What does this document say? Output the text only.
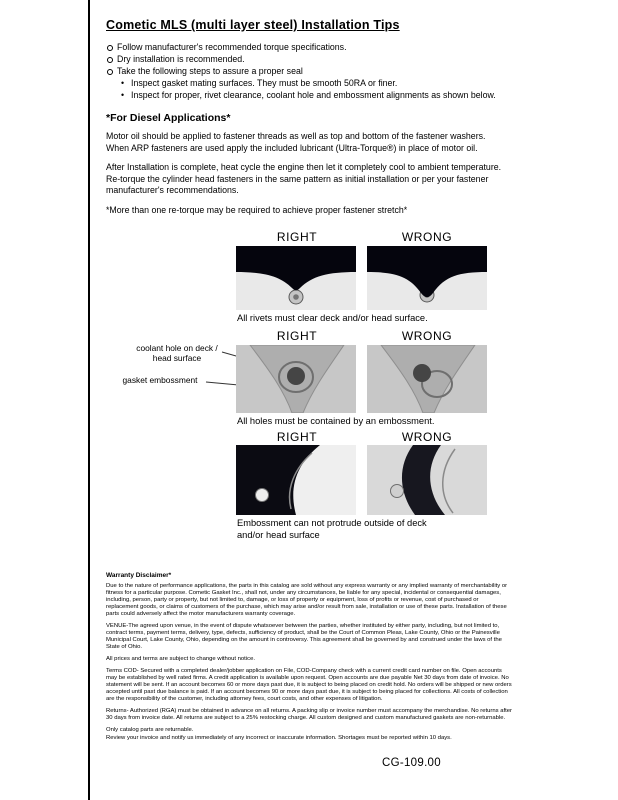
Cometic MLS (multi layer steel) Installation Tips
Follow manufacturer's recommended torque specifications.
Dry installation is recommended.
Take the following steps to assure a proper seal
• Inspect gasket mating surfaces. They must be smooth 50RA or finer.
• Inspect for proper, rivet clearance, coolant hole and embossment alignments as shown below.
*For Diesel Applications*
Motor oil should be applied to fastener threads as well as top and bottom of the fastener washers. When ARP fasteners are used apply the included lubricant (Ultra-Torque®) in place of motor oil.
After Installation is complete, heat cycle the engine then let it completely cool to ambient temperature. Re-torque the cylinder head fasteners in the same pattern as initial installation or per your fastener manufacturer's recommendations.
*More than one re-torque may be required to achieve proper fastener stretch*
RIGHT	WRONG
All rivets must clear deck and/or head surface.
RIGHT	WRONG
coolant hole on deck / head surface
gasket embossment
All holes must be contained by an embossment.
RIGHT	WRONG
Embossment can not protrude outside of deck and/or head surface
Warranty Disclaimer*
Due to the nature of performance applications, the parts in this catalog are sold without any express warranty or any implied warranty of merchantability or fitness for a particular purpose. Cometic Gasket Inc., shall not, under any circumstances, be liable for any special, incidental or consequential damages, including, person, party or property, but not limited to, damage, or loss of property or equipment, loss of profits or revenue, cost of purchased or replacement goods, or claims of customers of the purchase, which may arise and/or result from sale, installation or use of these parts. Installation of these parts could adversely affect the motor manufacturers warranty coverage.
VENUE-The agreed upon venue, in the event of dispute whatsoever between the parties, whether instituted by either party, including, but not limited to, contract terms, payment terms, delivery, type, defects, sufficiency of product, shall be the Court of Common Pleas, Lake County, Ohio or the Painesville Municipal Court, Lake County, Ohio, depending on the amount in controversy. This agreement shall be governed by and construed under the laws of the State of Ohio.
All prices and terms are subject to change without notice.
Terms COD- Secured with a completed dealer/jobber application on File, COD-Company check with a current credit card number on file. Open accounts may be established by well rated firms. A credit application is available upon request. Open accounts are due payable Net 30 days from date of invoice. No statement will be sent. If an account becomes 60 or more days past due, it is subject to being placed on credit hold. No orders will be shipped or new orders accepted until past due balance is paid. If an account becomes 90 or more days past due, it is subject to being placed for collections. All costs of collection are the responsibility of the customer, including attorney fees, court costs, and other expenses of litigation.
Returns- Authorized (RGA) must be obtained in advance on all returns. A packing slip or invoice number must accompany the merchandise. No returns after 30 days from invoice date. All returns are subject to a 25% restocking charge. All custom designed and custom manufactured gaskets are non-returnable.
Only catalog parts are returnable.
Review your invoice and notify us immediately of any incorrect or inaccurate information. Shortages must be reported within 10 days.
CG-109.00
